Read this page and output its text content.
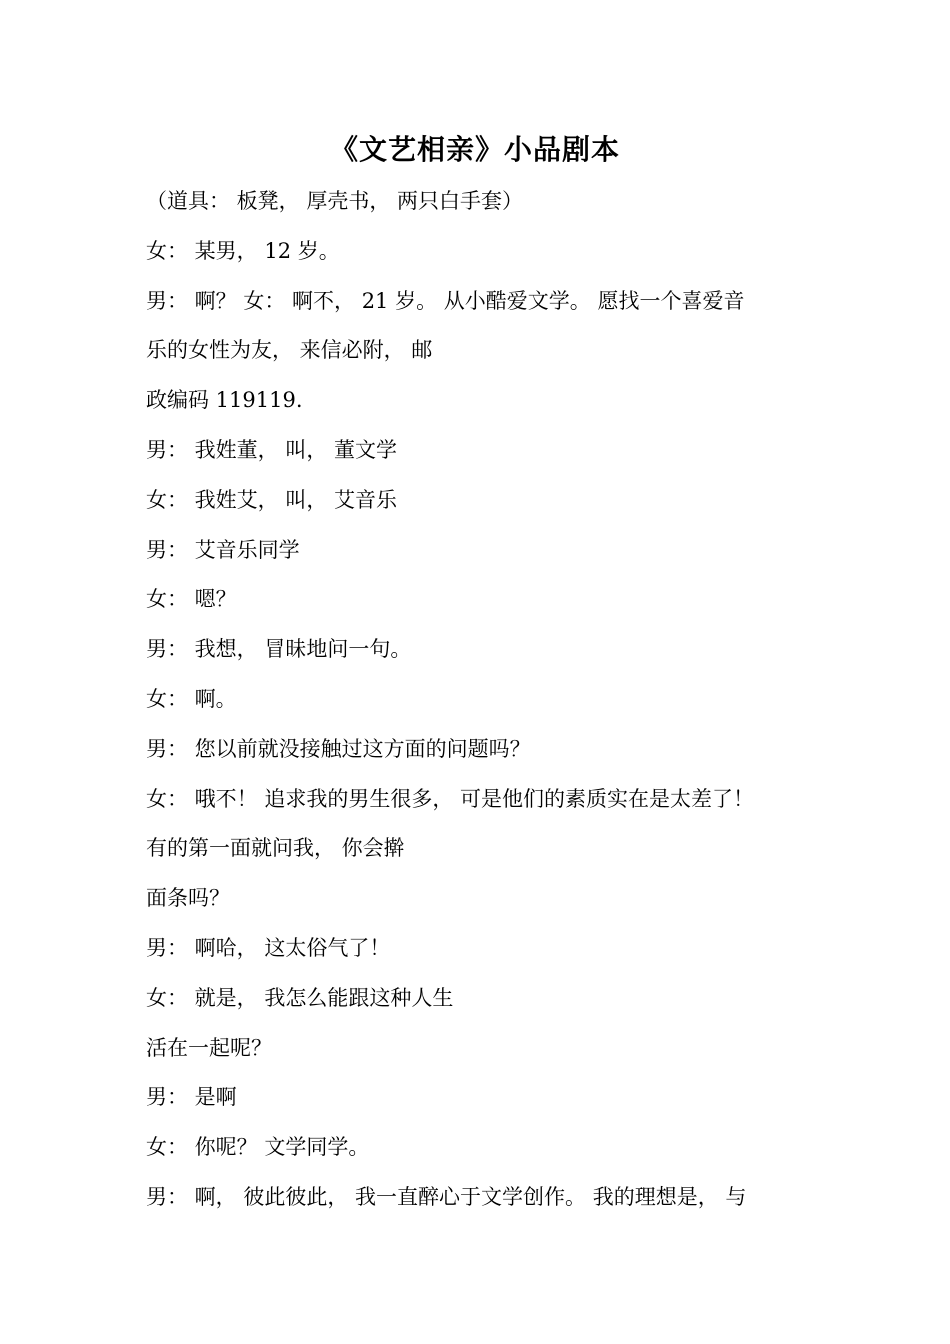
《文艺相亲》小品剧本
（道具： 板凳， 厚壳书， 两只白手套）
女： 某男， 12 岁。
男： 啊？ 女： 啊不， 21 岁。 从小酷爱文学。 愿找一个喜爱音
乐的女性为友， 来信必附， 邮
政编码 119119.
男： 我姓董， 叫， 董文学
女： 我姓艾， 叫， 艾音乐
男： 艾音乐同学
女： 嗯？
男： 我想， 冒昧地问一句。
女： 啊。
男： 您以前就没接触过这方面的问题吗？
女： 哦不！ 追求我的男生很多， 可是他们的素质实在是太差了！
有的第一面就问我， 你会擀
面条吗？
男： 啊哈， 这太俗气了！
女： 就是， 我怎么能跟这种人生
活在一起呢？
男： 是啊
女： 你呢？ 文学同学。
男： 啊， 彼此彼此， 我一直醉心于文学创作。 我的理想是， 与
